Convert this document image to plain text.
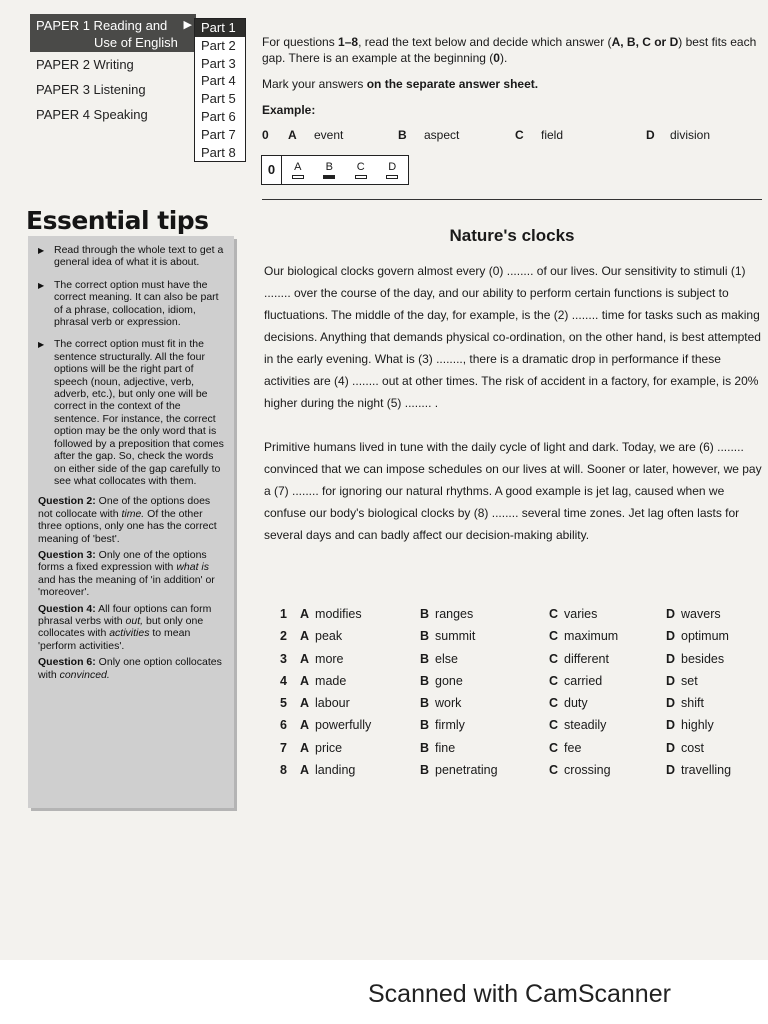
PAPER 1 Reading and
Use of English
▶
PAPER 2 Writing
PAPER 3 Listening
PAPER 4 Speaking
Part 1
Part 2
Part 3
Part 4
Part 5
Part 6
Part 7
Part 8

For questions 1–8, read the text below and decide which answer (A, B, C or D) best fits each gap. There is an example at the beginning (0).

Mark your answers on the separate answer sheet.

Example:

0 A event	B aspect	C field	D division
0	A	B	C	D
Essential tips
▶ Read through the whole text to get a general idea of what it is about.
▶ The correct option must have the correct meaning. It can also be part of a phrase, collocation, idiom, phrasal verb or expression.
▶ The correct option must fit in the sentence structurally. All the four options will be the right part of speech (noun, adjective, verb, adverb, etc.), but only one will be correct in the context of the sentence. For instance, the correct option may be the only word that is followed by a preposition that comes after the gap. So, check the words on either side of the gap carefully to see what collocates with them.
Question 2: One of the options does not collocate with time. Of the other three options, only one has the correct meaning of 'best'.
Question 3: Only one of the options forms a fixed expression with what is and has the meaning of 'in addition' or 'moreover'.
Question 4: All four options can form phrasal verbs with out, but only one collocates with activities to mean 'perform activities'.
Question 6: Only one option collocates with convinced.
Nature's clocks

Our biological clocks govern almost every (0) ........ of our lives. Our sensitivity to stimuli (1) ........ over the course of the day, and our ability to perform certain functions is subject to fluctuations. The middle of the day, for example, is the (2) ........ time for tasks such as making decisions. Anything that demands physical co-ordination, on the other hand, is best attempted in the early evening. What is (3) ........, there is a dramatic drop in performance if these activities are (4) ........ out at other times. The risk of accident in a factory, for example, is 20% higher during the night (5) ........ .

Primitive humans lived in tune with the daily cycle of light and dark. Today, we are (6) ........ convinced that we can impose schedules on our lives at will. Sooner or later, however, we pay a (7) ........ for ignoring our natural rhythms. A good example is jet lag, caused when we confuse our body's biological clocks by (8) ........ several time zones. Jet lag often lasts for several days and can badly affect our decision-making ability.

1 A modifies	B ranges	C varies	D wavers
2 A peak	B summit	C maximum	D optimum
3 A more	B else	C different	D besides
4 A made	B gone	C carried	D set
5 A labour	B work	C duty	D shift
6 A powerfully	B firmly	C steadily	D highly
7 A price	B fine	C fee	D cost
8 A landing	B penetrating	C crossing	D travelling
Scanned with CamScanner
